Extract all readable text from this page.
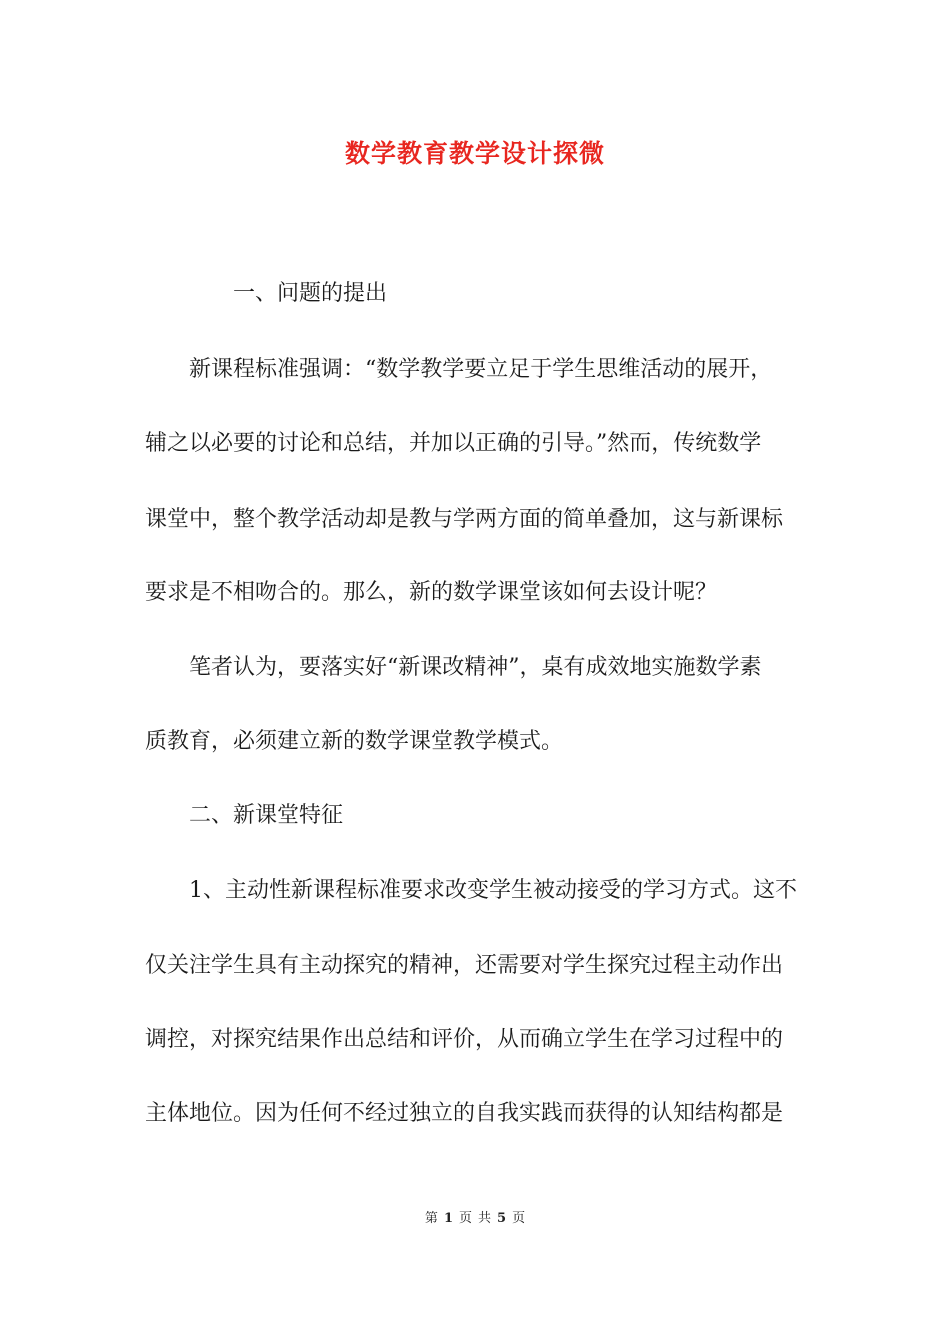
数学教育教学设计探微
一、问题的提出
新课程标准强调：“数学教学要立足于学生思维活动的展开，
辅之以必要的讨论和总结，并加以正确的引导。”然而，传统数学
课堂中，整个教学活动却是教与学两方面的简单叠加，这与新课标
要求是不相吻合的。那么，新的数学课堂该如何去设计呢？
笔者认为，要落实好“新课改精神”，桌有成效地实施数学素
质教育，必须建立新的数学课堂教学模式。
二、新课堂特征
1、主动性新课程标准要求改变学生被动接受的学习方式。这不
仅关注学生具有主动探究的精神，还需要对学生探究过程主动作出
调控，对探究结果作出总结和评价，从而确立学生在学习过程中的
主体地位。因为任何不经过独立的自我实践而获得的认知结构都是
第 1 页 共 5 页
